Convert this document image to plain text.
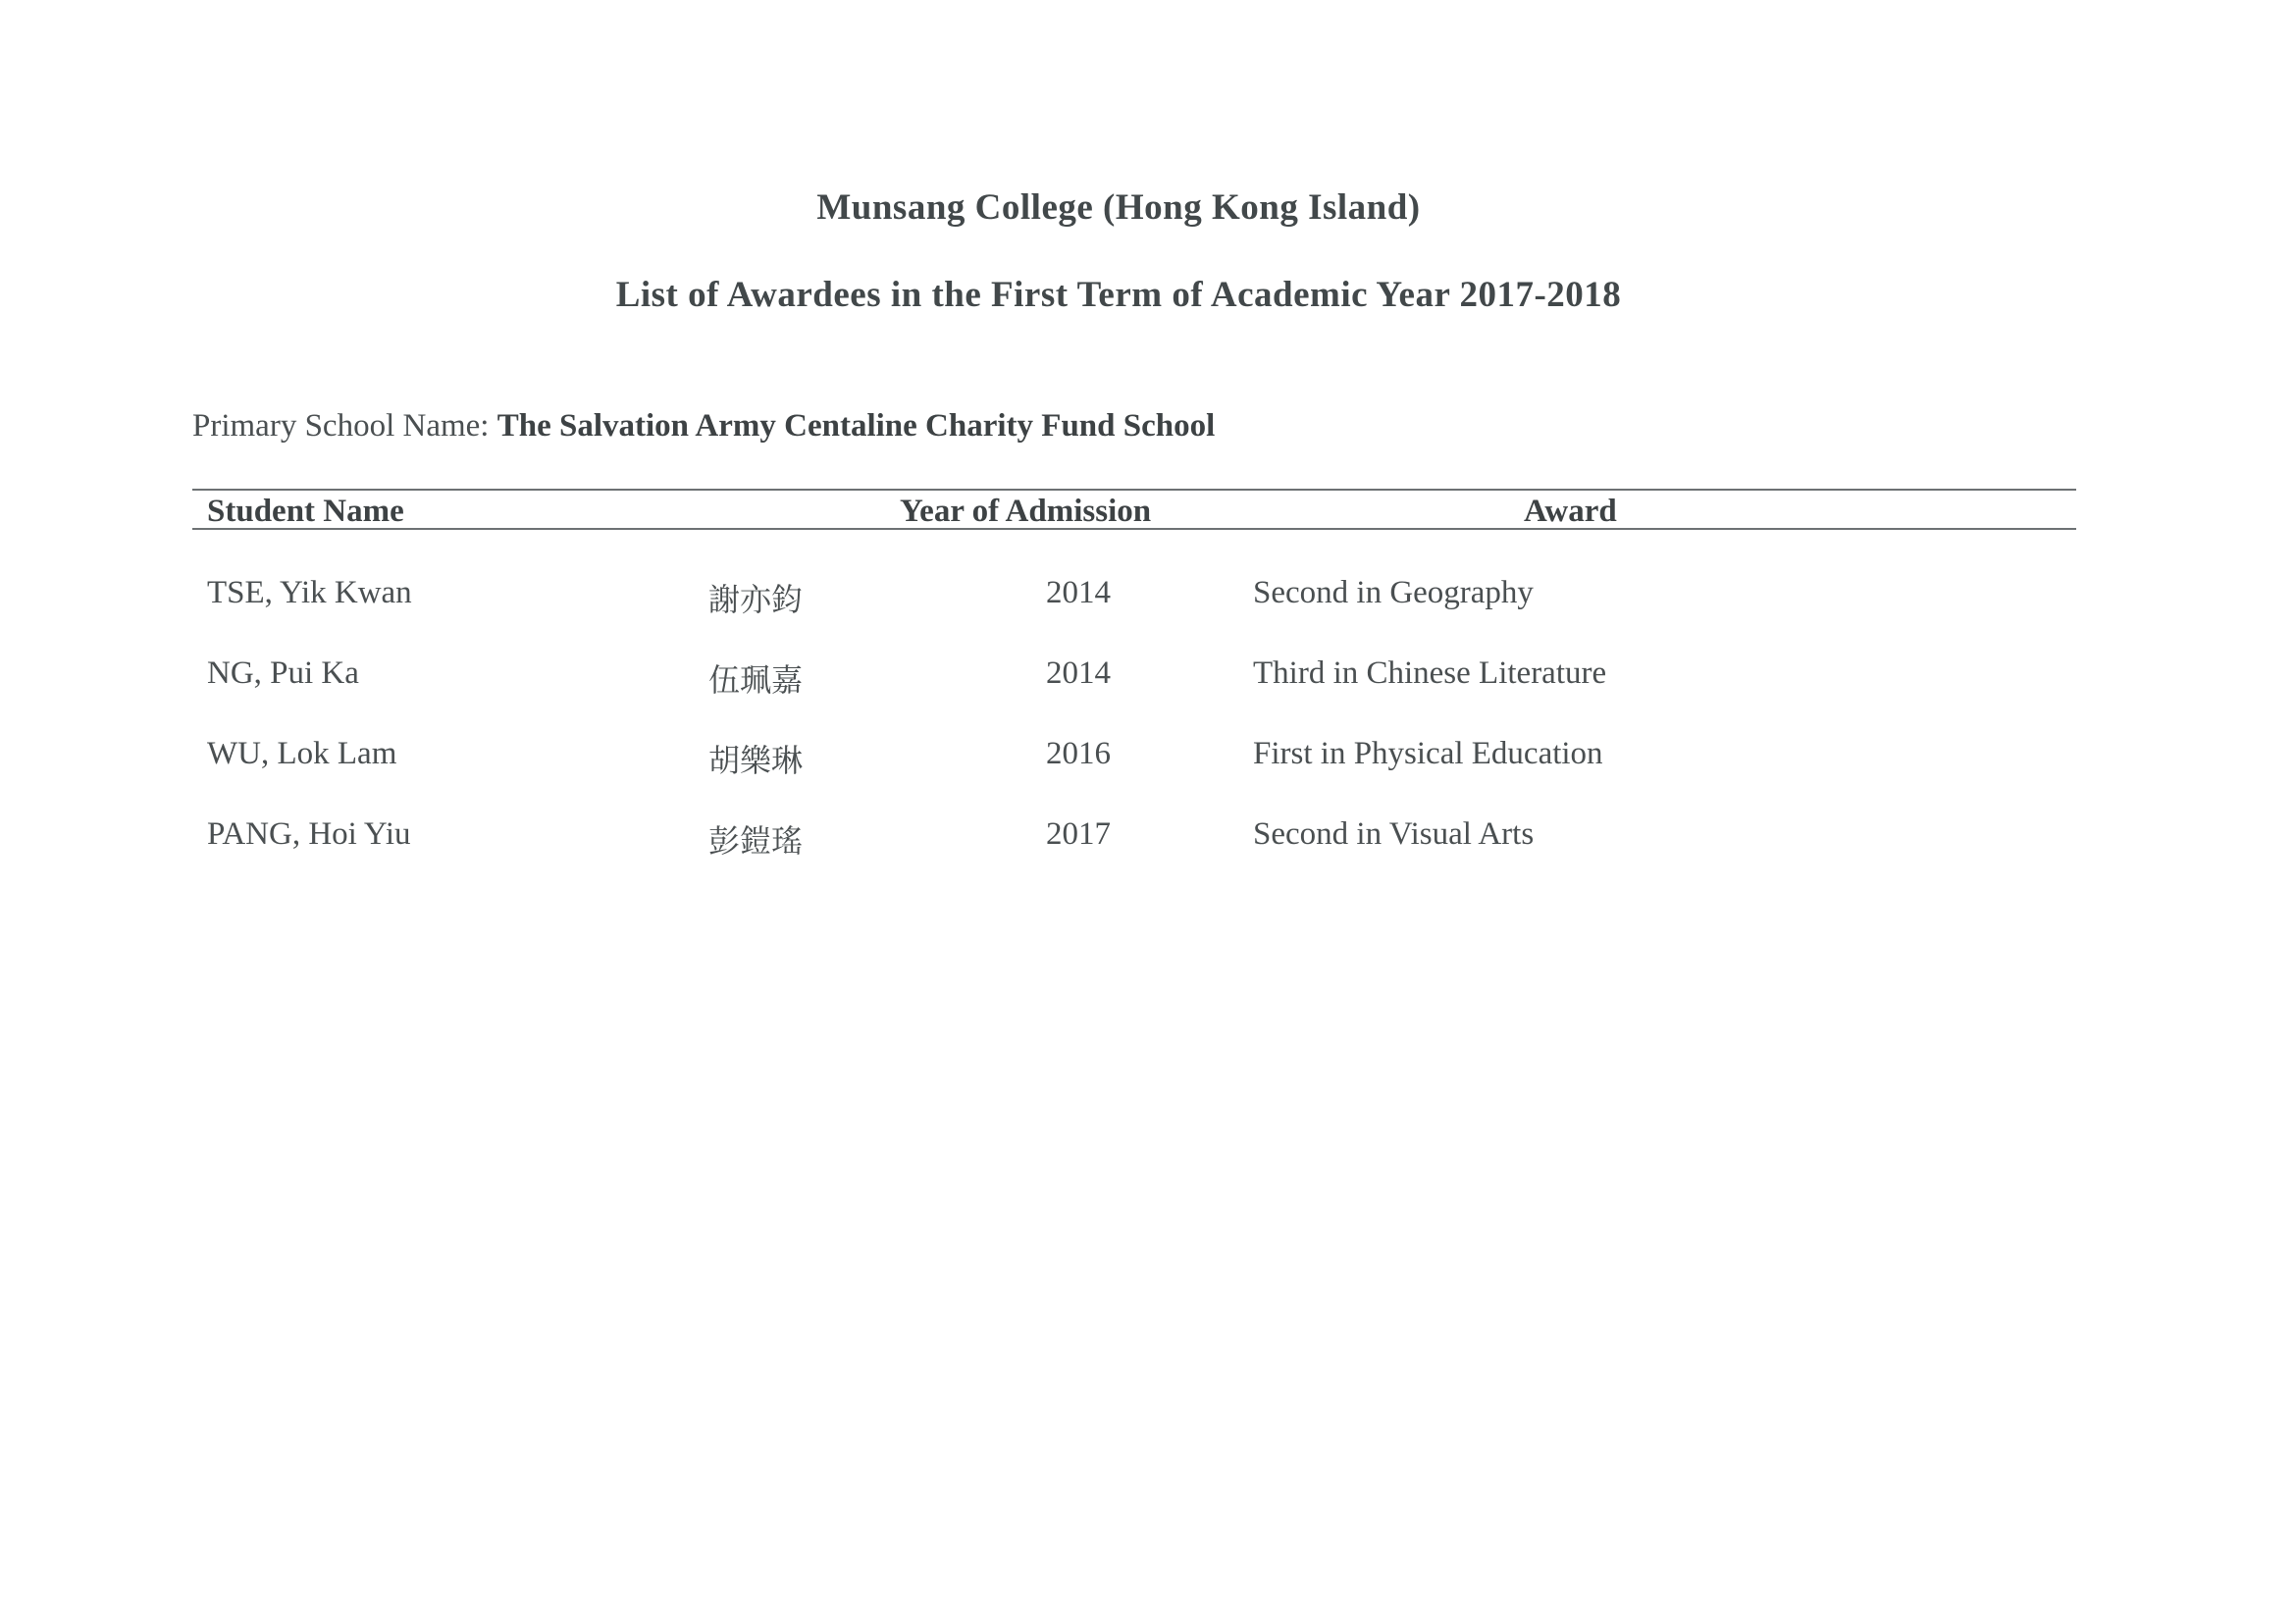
Munsang College (Hong Kong Island)
List of Awardees in the First Term of Academic Year 2017-2018
Primary School Name: The Salvation Army Centaline Charity Fund School
Student Name	Year of Admission	Award
TSE, Yik Kwan	謝亦鈞	2014	Second in Geography
NG, Pui Ka	伍珮嘉	2014	Third in Chinese Literature
WU, Lok Lam	胡樂琳	2016	First in Physical Education
PANG, Hoi Yiu	彭鎧瑤	2017	Second in Visual Arts
